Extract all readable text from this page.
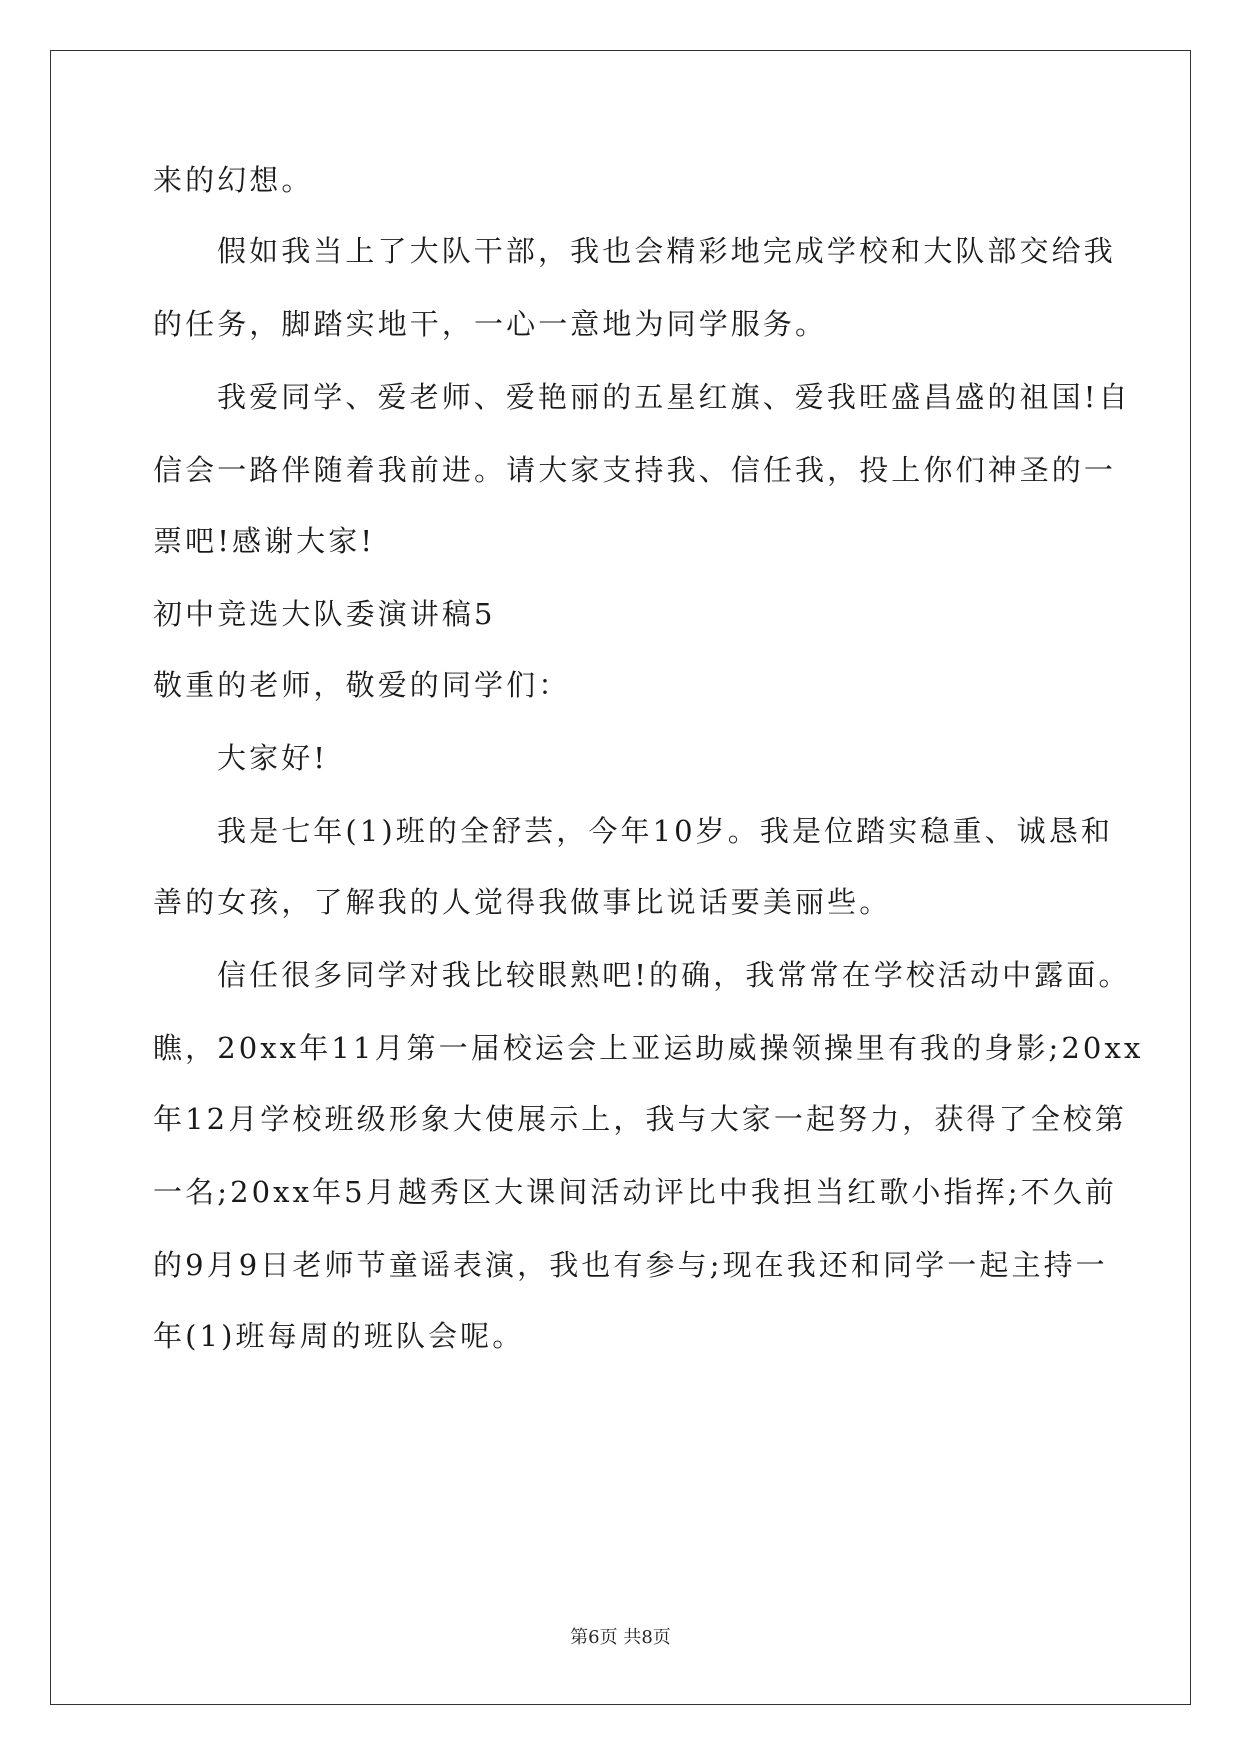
来的幻想。
假如我当上了大队干部，我也会精彩地完成学校和大队部交给我
的任务，脚踏实地干，一心一意地为同学服务。
我爱同学、爱老师、爱艳丽的五星红旗、爱我旺盛昌盛的祖国!自
信会一路伴随着我前进。请大家支持我、信任我，投上你们神圣的一
票吧!感谢大家!
初中竞选大队委演讲稿5
敬重的老师，敬爱的同学们：
大家好!
我是七年(1)班的全舒芸，今年10岁。我是位踏实稳重、诚恳和
善的女孩，了解我的人觉得我做事比说话要美丽些。
信任很多同学对我比较眼熟吧!的确，我常常在学校活动中露面。
瞧，20xx年11月第一届校运会上亚运助威操领操里有我的身影;20xx
年12月学校班级形象大使展示上，我与大家一起努力，获得了全校第
一名;20xx年5月越秀区大课间活动评比中我担当红歌小指挥;不久前
的9月9日老师节童谣表演，我也有参与;现在我还和同学一起主持一
年(1)班每周的班队会呢。
第6页 共8页
